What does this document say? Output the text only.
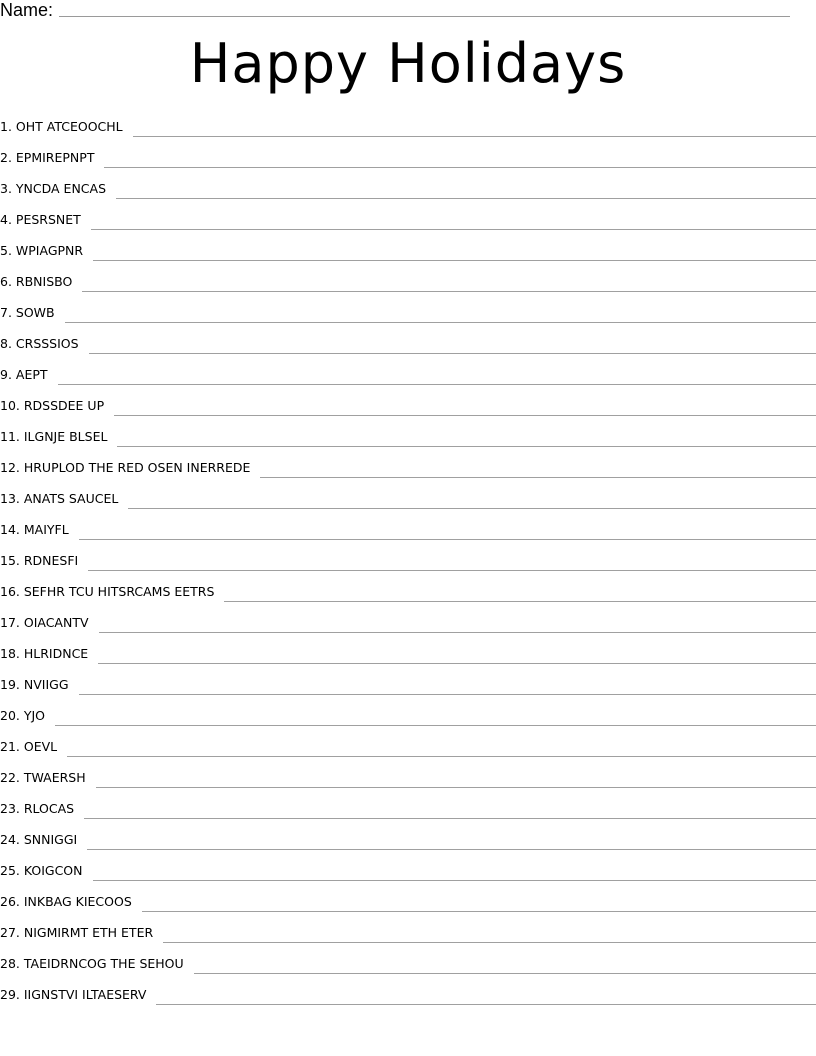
Name:
Happy Holidays
1. OHT ATCEOOCHL
2. EPMIREPNPT
3. YNCDA ENCAS
4. PESRSNET
5. WPIAGPNR
6. RBNISBO
7. SOWB
8. CRSSSIOS
9. AEPT
10. RDSSDEE UP
11. ILGNJE BLSEL
12. HRUPLOD THE RED OSEN INERREDE
13. ANATS SAUCEL
14. MAIYFL
15. RDNESFI
16. SEFHR TCU HITSRCAMS EETRS
17. OIACANTV
18. HLRIDNCE
19. NVIIGG
20. YJO
21. OEVL
22. TWAERSH
23. RLOCAS
24. SNNIGGI
25. KOIGCON
26. INKBAG KIECOOS
27. NIGMIRMT ETH ETER
28. TAEIDRNCOG THE SEHOU
29. IIGNSTVI ILTAESERV
